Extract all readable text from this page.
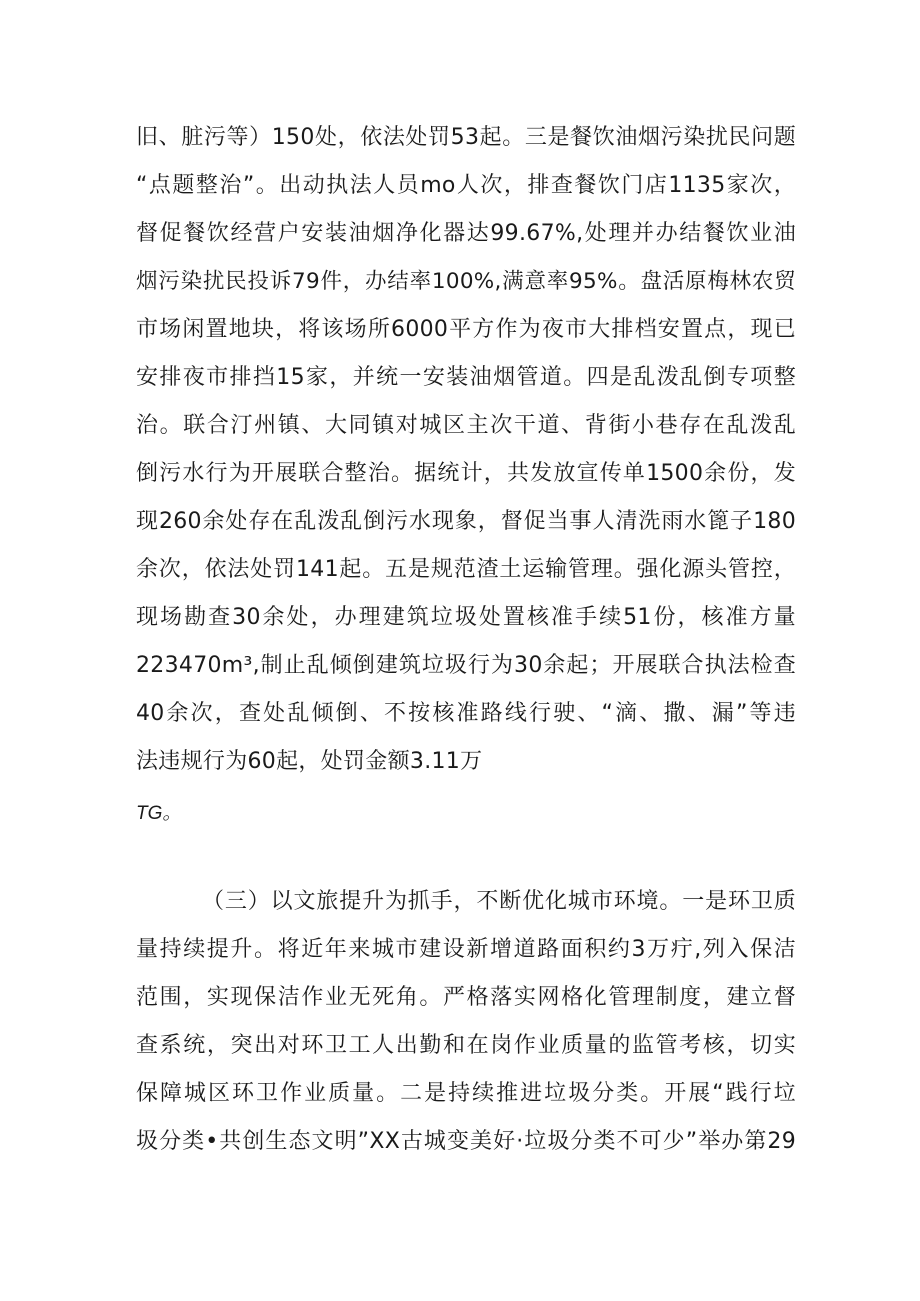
旧、脏污等）150处，依法处罚53起。三是餐饮油烟污染扰民问题
“点题整治”。出动执法人员mo人次，排查餐饮门店1135家次，
督促餐饮经营户安装油烟净化器达99.67%,处理并办结餐饮业油
烟污染扰民投诉79件，办结率100%,满意率95%。盘活原梅林农贸
市场闲置地块，将该场所6000平方作为夜市大排档安置点，现已
安排夜市排挡15家，并统一安装油烟管道。四是乱泼乱倒专项整
治。联合汀州镇、大同镇对城区主次干道、背街小巷存在乱泼乱
倒污水行为开展联合整治。据统计，共发放宣传单1500余份，发
现260余处存在乱泼乱倒污水现象，督促当事人清洗雨水篦子180
余次，依法处罚141起。五是规范渣土运输管理。强化源头管控，
现场勘查30余处，办理建筑垃圾处置核准手续51份，核准方量
223470m³,制止乱倾倒建筑垃圾行为30余起；开展联合执法检查
40余次，查处乱倾倒、不按核准路线行驶、“滴、撒、漏”等违
法违规行为60起，处罚金额3.11万
TG。
（三）以文旅提升为抓手，不断优化城市环境。一是环卫质
量持续提升。将近年来城市建设新增道路面积约3万疔,列入保洁
范围，实现保洁作业无死角。严格落实网格化管理制度，建立督
查系统，突出对环卫工人出勤和在岗作业质量的监管考核，切实
保障城区环卫作业质量。二是持续推进垃圾分类。开展“践行垃
圾分类•共创生态文明”XX古城变美好·垃圾分类不可少”举办第29
